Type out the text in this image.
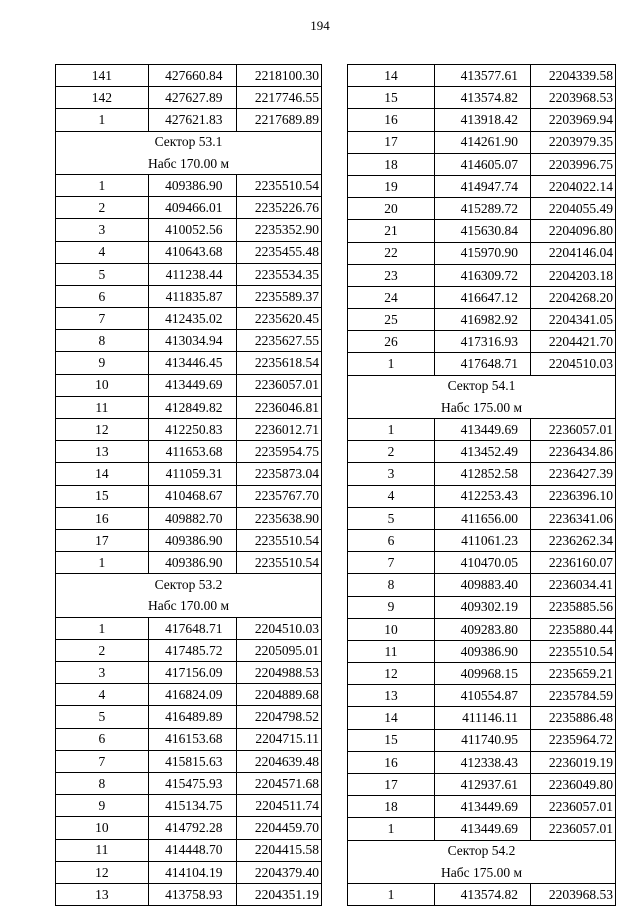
194
141	427660.84	2218100.30
142	427627.89	2217746.55
1	427621.83	2217689.89
Сектор 53.1		
Набс 170.00 м		
1	409386.90	2235510.54
2	409466.01	2235226.76
3	410052.56	2235352.90
4	410643.68	2235455.48
5	411238.44	2235534.35
6	411835.87	2235589.37
7	412435.02	2235620.45
8	413034.94	2235627.55
9	413446.45	2235618.54
10	413449.69	2236057.01
11	412849.82	2236046.81
12	412250.83	2236012.71
13	411653.68	2235954.75
14	411059.31	2235873.04
15	410468.67	2235767.70
16	409882.70	2235638.90
17	409386.90	2235510.54
1	409386.90	2235510.54
Сектор 53.2		
Набс 170.00 м		
1	417648.71	2204510.03
2	417485.72	2205095.01
3	417156.09	2204988.53
4	416824.09	2204889.68
5	416489.89	2204798.52
6	416153.68	2204715.11
7	415815.63	2204639.48
8	415475.93	2204571.68
9	415134.75	2204511.74
10	414792.28	2204459.70
11	414448.70	2204415.58
12	414104.19	2204379.40
13	413758.93	2204351.19
14	413577.61	2204339.58
15	413574.82	2203968.53
16	413918.42	2203969.94
17	414261.90	2203979.35
18	414605.07	2203996.75
19	414947.74	2204022.14
20	415289.72	2204055.49
21	415630.84	2204096.80
22	415970.90	2204146.04
23	416309.72	2204203.18
24	416647.12	2204268.20
25	416982.92	2204341.05
26	417316.93	2204421.70
1	417648.71	2204510.03
Сектор 54.1		
Набс 175.00 м		
1	413449.69	2236057.01
2	413452.49	2236434.86
3	412852.58	2236427.39
4	412253.43	2236396.10
5	411656.00	2236341.06
6	411061.23	2236262.34
7	410470.05	2236160.07
8	409883.40	2236034.41
9	409302.19	2235885.56
10	409283.80	2235880.44
11	409386.90	2235510.54
12	409968.15	2235659.21
13	410554.87	2235784.59
14	411146.11	2235886.48
15	411740.95	2235964.72
16	412338.43	2236019.19
17	412937.61	2236049.80
18	413449.69	2236057.01
1	413449.69	2236057.01
Сектор 54.2		
Набс 175.00 м		
1	413574.82	2203968.53
